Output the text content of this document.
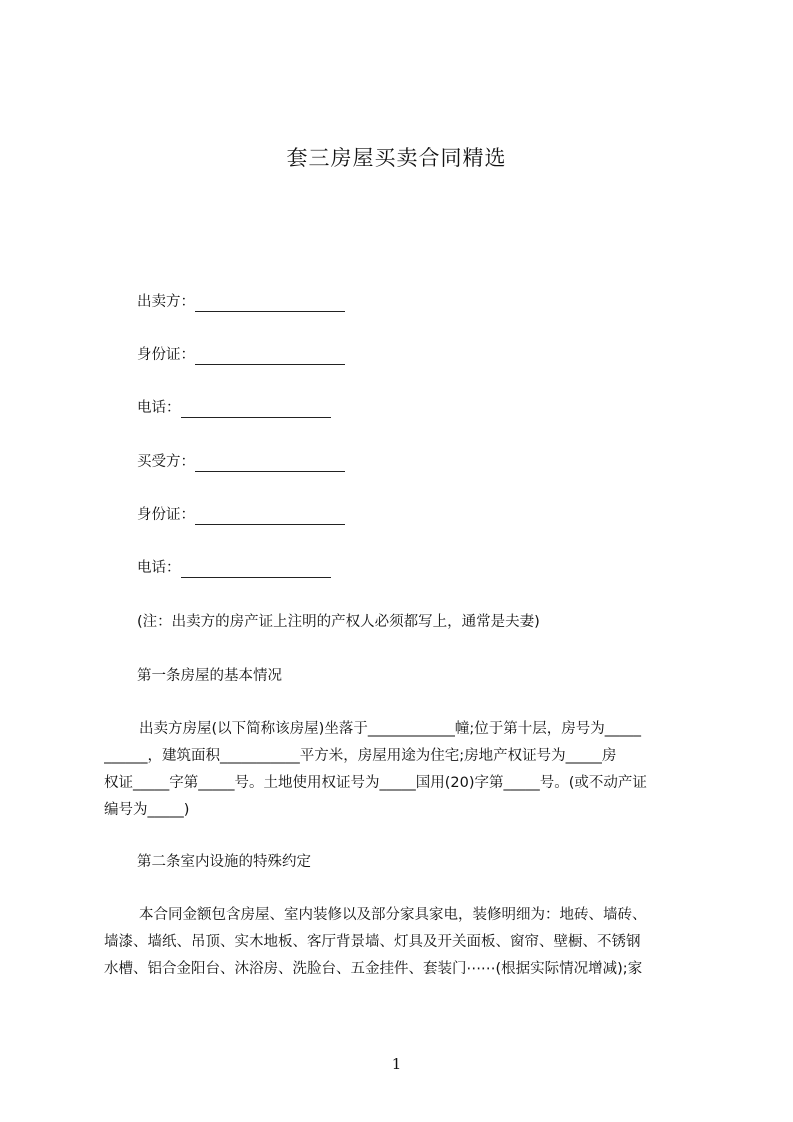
套三房屋买卖合同精选
出卖方：
身份证：
电话：
买受方：
身份证：
电话：
(注：出卖方的房产证上注明的产权人必须都写上，通常是夫妻)
第一条房屋的基本情况
出卖方房屋(以下简称该房屋)坐落于____________幢;位于第十层，房号为_____
______，建筑面积___________平方米，房屋用途为住宅;房地产权证号为_____房
权证_____字第_____号。土地使用权证号为_____国用(20)字第_____号。(或不动产证
编号为_____)
第二条室内设施的特殊约定
本合同金额包含房屋、室内装修以及部分家具家电，装修明细为：地砖、墙砖、
墙漆、墙纸、吊顶、实木地板、客厅背景墙、灯具及开关面板、窗帘、壁橱、不锈钢
水槽、铝合金阳台、沐浴房、洗脸台、五金挂件、套装门⋯⋯(根据实际情况增减);家
1
